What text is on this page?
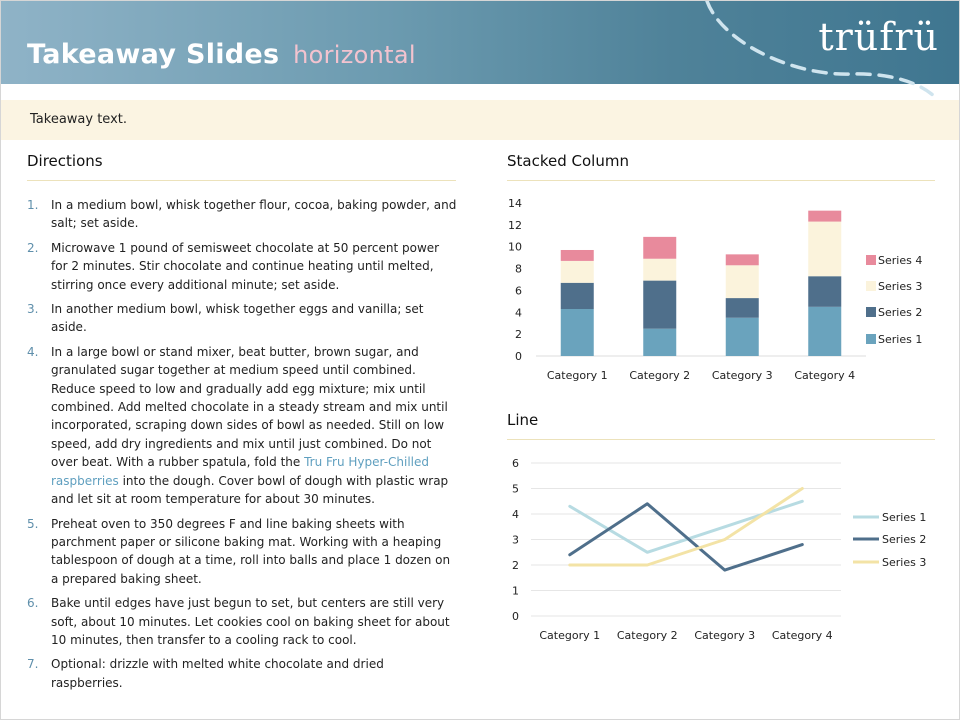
Takeaway Slides horizontal	trüfrü
Takeaway text.
Directions
1. In a medium bowl, whisk together flour, cocoa, baking powder, and salt; set aside.
2. Microwave 1 pound of semisweet chocolate at 50 percent power for 2 minutes. Stir chocolate and continue heating until melted, stirring once every additional minute; set aside.
3. In another medium bowl, whisk together eggs and vanilla; set aside.
4. In a large bowl or stand mixer, beat butter, brown sugar, and granulated sugar together at medium speed until combined. Reduce speed to low and gradually add egg mixture; mix until combined. Add melted chocolate in a steady stream and mix until incorporated, scraping down sides of bowl as needed. Still on low speed, add dry ingredients and mix until just combined. Do not over beat. With a rubber spatula, fold the Tru Fru Hyper-Chilled raspberries into the dough. Cover bowl of dough with plastic wrap and let sit at room temperature for about 30 minutes.
5. Preheat oven to 350 degrees F and line baking sheets with parchment paper or silicone baking mat. Working with a heaping tablespoon of dough at a time, roll into balls and place 1 dozen on a prepared baking sheet.
6. Bake until edges have just begun to set, but centers are still very soft, about 10 minutes. Let cookies cool on baking sheet for about 10 minutes, then transfer to a cooling rack to cool.
7. Optional: drizzle with melted white chocolate and dried raspberries.
Stacked Column
0
2
4
6
8
10
12
14
Category 1 Category 2 Category 3 Category 4
Series 1
Series 2
Series 3
Series 4
Line
0
1
2
3
4
5
6
Category 1 Category 2 Category 3 Category 4
Series 1
Series 2
Series 3
